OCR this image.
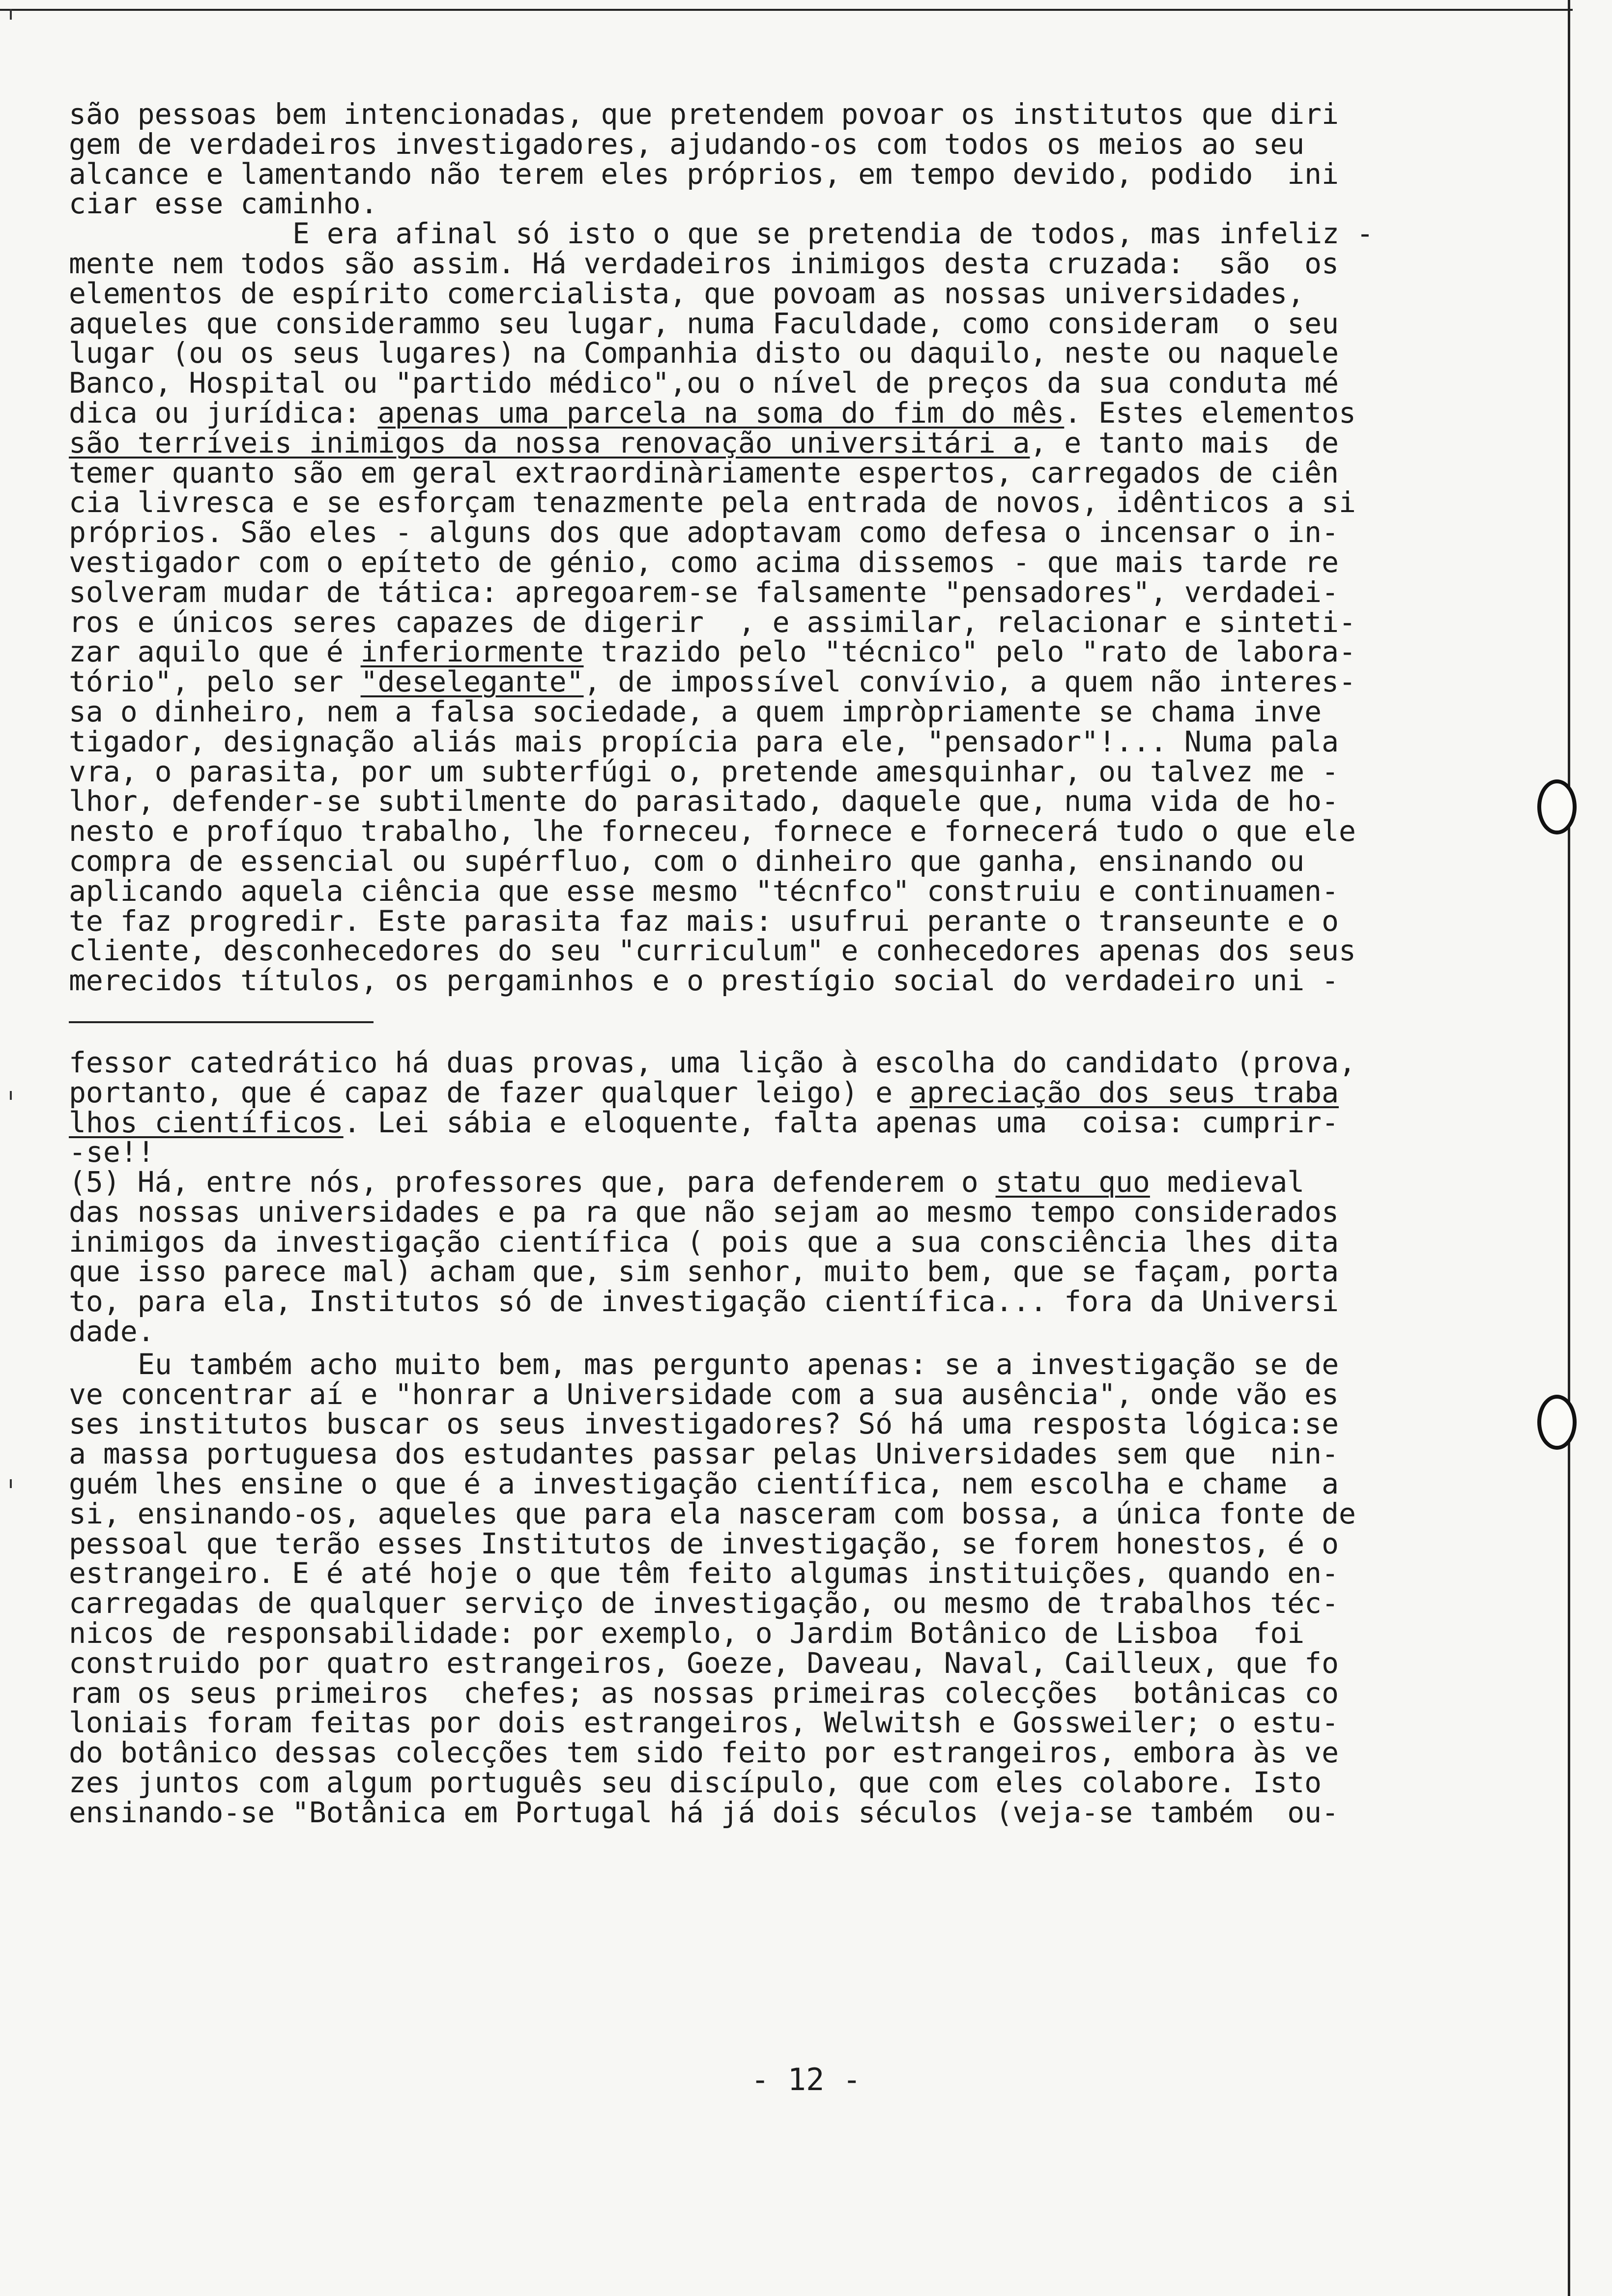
são pessoas bem intencionadas, que pretendem povoar os institutos que diri
gem de verdadeiros investigadores, ajudando-os com todos os meios ao seu
alcance e lamentando não terem eles próprios, em tempo devido, podido  ini
ciar esse caminho.
E era afinal só isto o que se pretendia de todos, mas infeliz -
mente nem todos são assim. Há verdadeiros inimigos desta cruzada:  são  os
elementos de espírito comercialista, que povoam as nossas universidades,
aqueles que considerammo seu lugar, numa Faculdade, como consideram  o seu
lugar (ou os seus lugares) na Companhia disto ou daquilo, neste ou naquele
Banco, Hospital ou "partido médico",ou o nível de preços da sua conduta mé
dica ou jurídica: apenas uma parcela na soma do fim do mês. Estes elementos
são terríveis inimigos da nossa renovação universitári a, e tanto mais  de
temer quanto são em geral extraordinàriamente espertos, carregados de ciên
cia livresca e se esforçam tenazmente pela entrada de novos, idênticos a si
próprios. São eles - alguns dos que adoptavam como defesa o incensar o in-
vestigador com o epíteto de génio, como acima dissemos - que mais tarde re
solveram mudar de tática: apregoarem-se falsamente "pensadores", verdadei-
ros e únicos seres capazes de digerir  , e assimilar, relacionar e sinteti-
zar aquilo que é inferiormente trazido pelo "técnico" pelo "rato de labora-
tório", pelo ser "deselegante", de impossível convívio, a quem não interes-
sa o dinheiro, nem a falsa sociedade, a quem impròpriamente se chama inve
tigador, designação aliás mais propícia para ele, "pensador"!... Numa pala
vra, o parasita, por um subterfúgi o, pretende amesquinhar, ou talvez me -
lhor, defender-se subtilmente do parasitado, daquele que, numa vida de ho-
nesto e profíquo trabalho, lhe forneceu, fornece e fornecerá tudo o que ele
compra de essencial ou supérfluo, com o dinheiro que ganha, ensinando ou
aplicando aquela ciência que esse mesmo "técnfco" construiu e continuamen-
te faz progredir. Este parasita faz mais: usufrui perante o transeunte e o
cliente, desconhecedores do seu "curriculum" e conhecedores apenas dos seus
merecidos títulos, os pergaminhos e o prestígio social do verdadeiro uni -
fessor catedrático há duas provas, uma lição à escolha do candidato (prova,
portanto, que é capaz de fazer qualquer leigo) e apreciação dos seus traba
lhos científicos. Lei sábia e eloquente, falta apenas uma  coisa: cumprir-
-se!!
(5) Há, entre nós, professores que, para defenderem o statu quo medieval
das nossas universidades e pa ra que não sejam ao mesmo tempo considerados
inimigos da investigação científica ( pois que a sua consciência lhes dita
que isso parece mal) acham que, sim senhor, muito bem, que se façam, porta
to, para ela, Institutos só de investigação científica... fora da Universi
dade.
Eu também acho muito bem, mas pergunto apenas: se a investigação se de
ve concentrar aí e "honrar a Universidade com a sua ausência", onde vão es
ses institutos buscar os seus investigadores? Só há uma resposta lógica:se
a massa portuguesa dos estudantes passar pelas Universidades sem que  nin-
guém lhes ensine o que é a investigação científica, nem escolha e chame  a
si, ensinando-os, aqueles que para ela nasceram com bossa, a única fonte de
pessoal que terão esses Institutos de investigação, se forem honestos, é o
estrangeiro. E é até hoje o que têm feito algumas instituições, quando en-
carregadas de qualquer serviço de investigação, ou mesmo de trabalhos téc-
nicos de responsabilidade: por exemplo, o Jardim Botânico de Lisboa  foi
construido por quatro estrangeiros, Goeze, Daveau, Naval, Cailleux, que fo
ram os seus primeiros  chefes; as nossas primeiras colecções  botânicas co
loniais foram feitas por dois estrangeiros, Welwitsh e Gossweiler; o estu-
do botânico dessas colecções tem sido feito por estrangeiros, embora às ve
zes juntos com algum português seu discípulo, que com eles colabore. Isto
ensinando-se "Botânica em Portugal há já dois séculos (veja-se também  ou-
- 12 -
